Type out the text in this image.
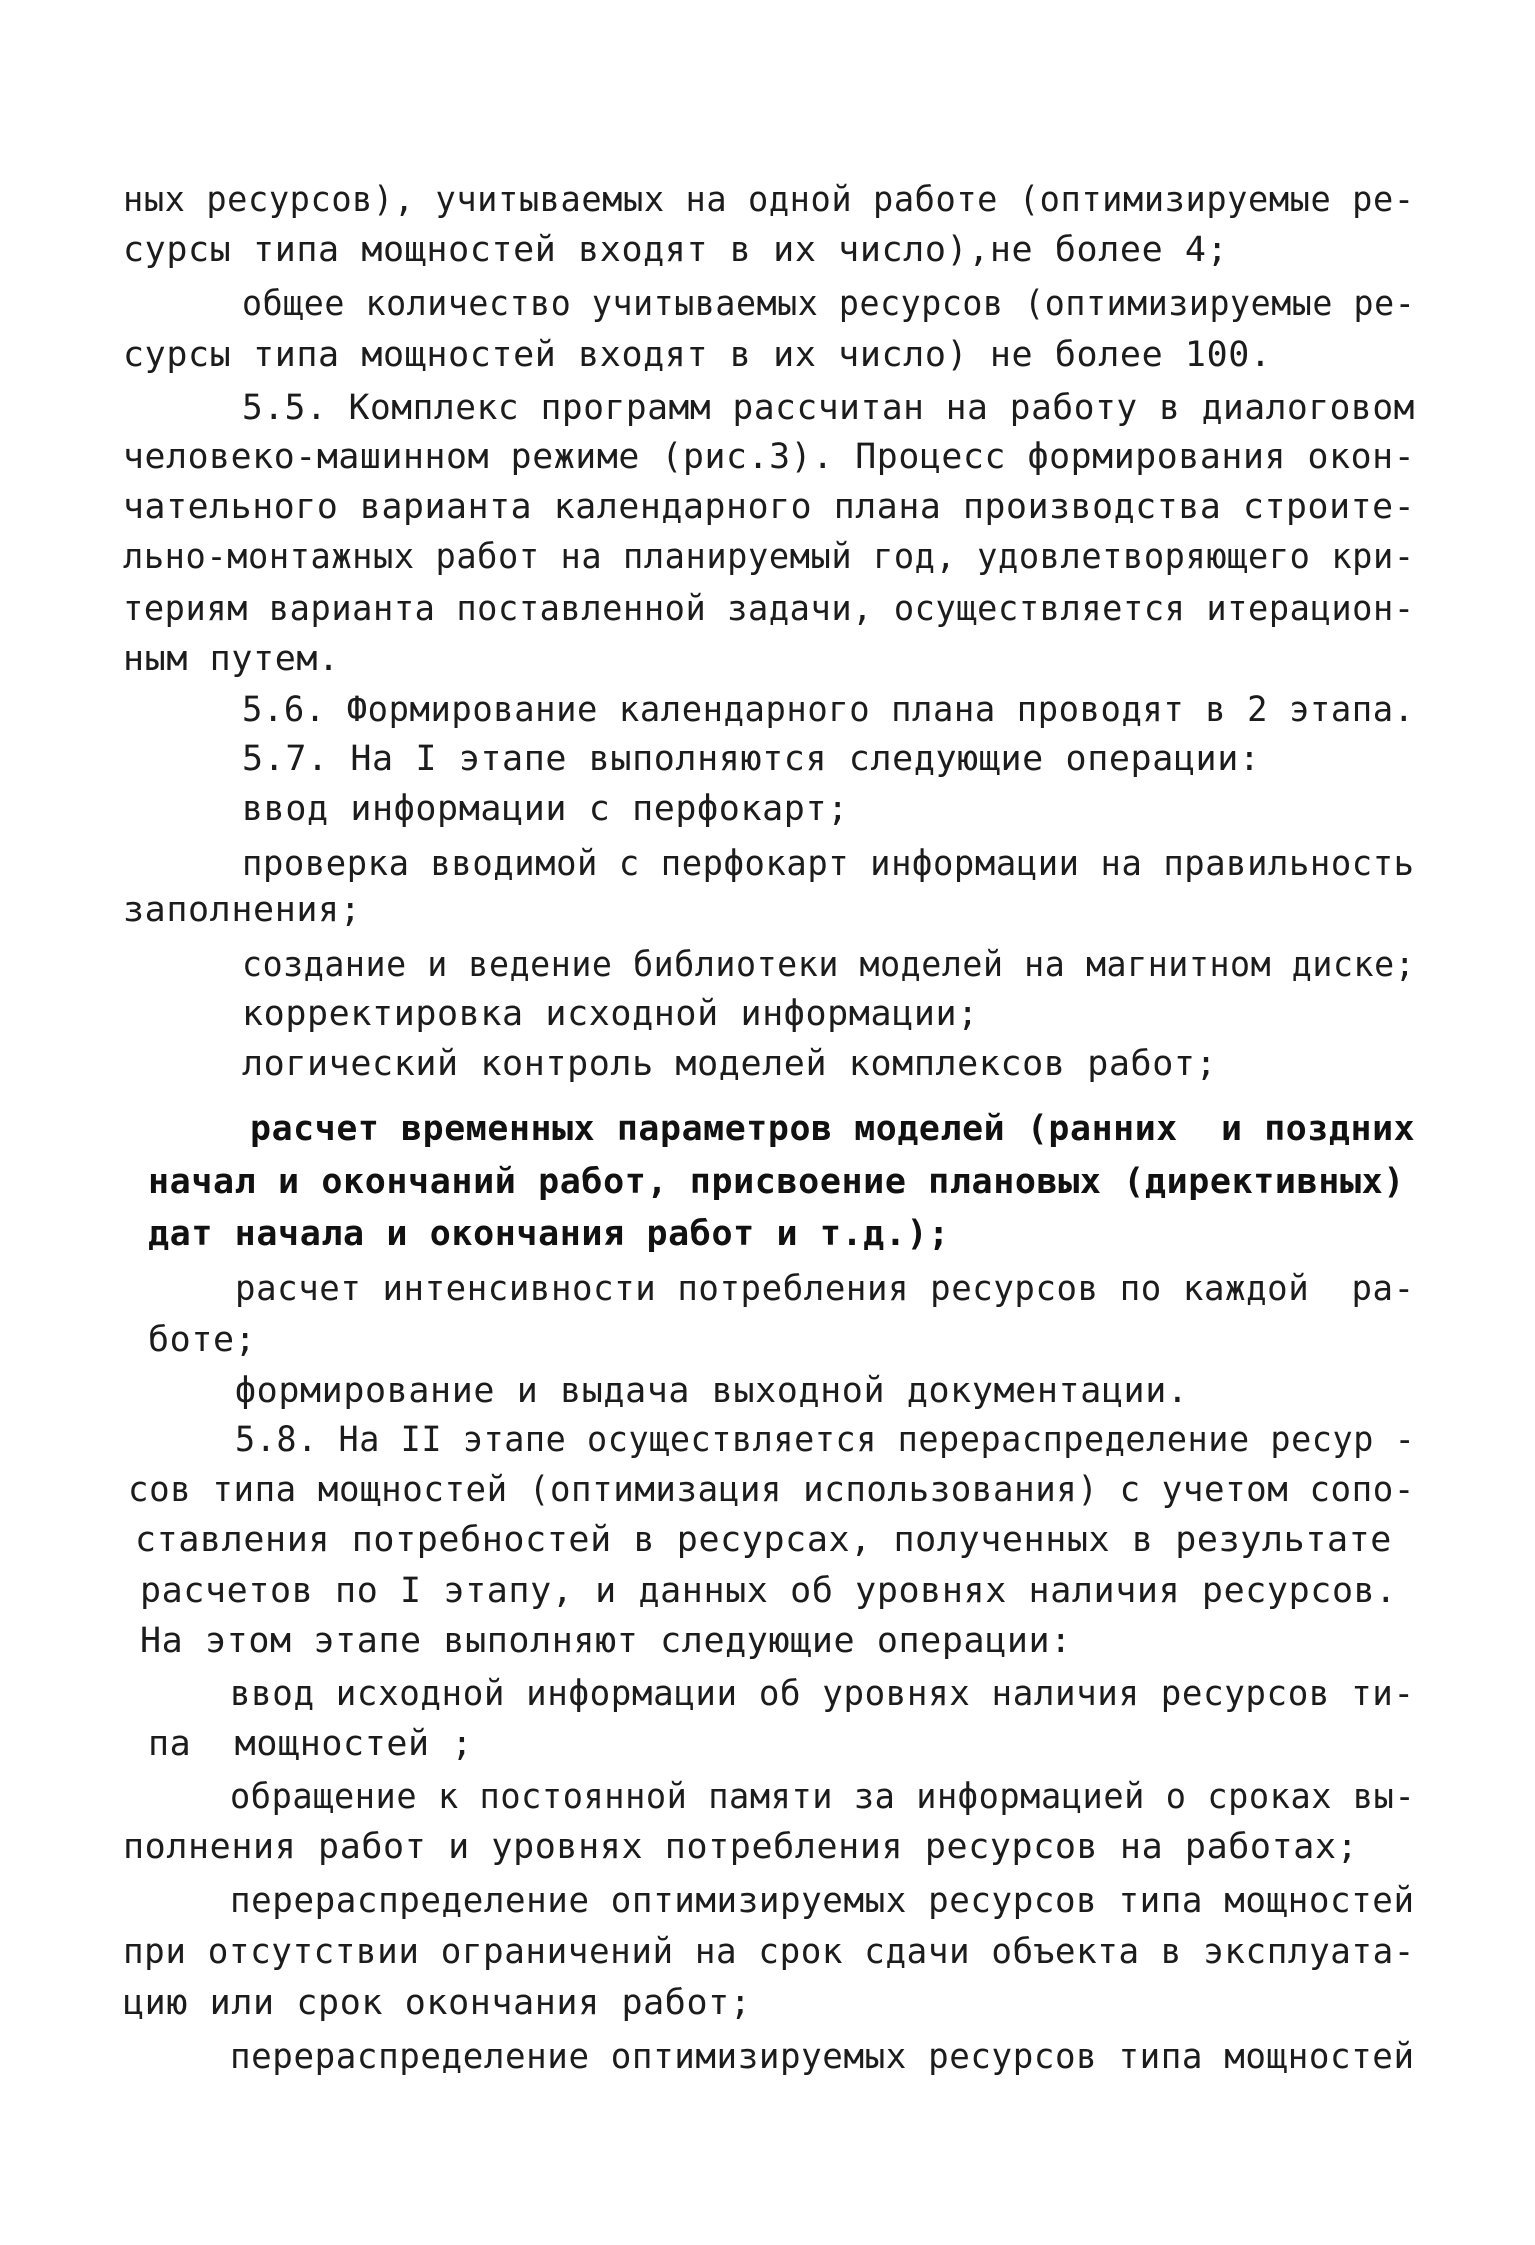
ных ресурсов), учитываемых на одной работе (оптимизируемые ре-
сурсы типа мощностей входят в их число),не более 4;
общее количество учитываемых ресурсов (оптимизируемые ре-
сурсы типа мощностей входят в их число) не более 100.
5.5. Комплекс программ рассчитан на работу в диалоговом
человеко-машинном режиме (рис.3). Процесс формирования окон-
чательного варианта календарного плана производства строите-
льно-монтажных работ на планируемый год, удовлетворяющего кри-
териям варианта поставленной задачи, осуществляется итерацион-
ным путем.
5.6. Формирование календарного плана проводят в 2 этапа.
5.7. На I этапе выполняются следующие операции:
ввод информации с перфокарт;
проверка вводимой с перфокарт информации на правильность
заполнения;
создание и ведение библиотеки моделей на магнитном диске;
корректировка исходной информации;
логический контроль моделей комплексов работ;
расчет временных параметров моделей (ранних  и поздних
начал и окончаний работ, присвоение плановых (директивных)
дат начала и окончания работ и т.д.);
расчет интенсивности потребления ресурсов по каждой  ра-
боте;
формирование и выдача выходной документации.
5.8. На II этапе осуществляется перераспределение ресур -
сов типа мощностей (оптимизация использования) с учетом сопо-
ставления потребностей в ресурсах, полученных в результате
расчетов по I этапу, и данных об уровнях наличия ресурсов.
На этом этапе выполняют следующие операции:
ввод исходной информации об уровнях наличия ресурсов ти-
па  мощностей ;
обращение к постоянной памяти за информацией о сроках вы-
полнения работ и уровнях потребления ресурсов на работах;
перераспределение оптимизируемых ресурсов типа мощностей
при отсутствии ограничений на срок сдачи объекта в эксплуата-
цию или срок окончания работ;
перераспределение оптимизируемых ресурсов типа мощностей
